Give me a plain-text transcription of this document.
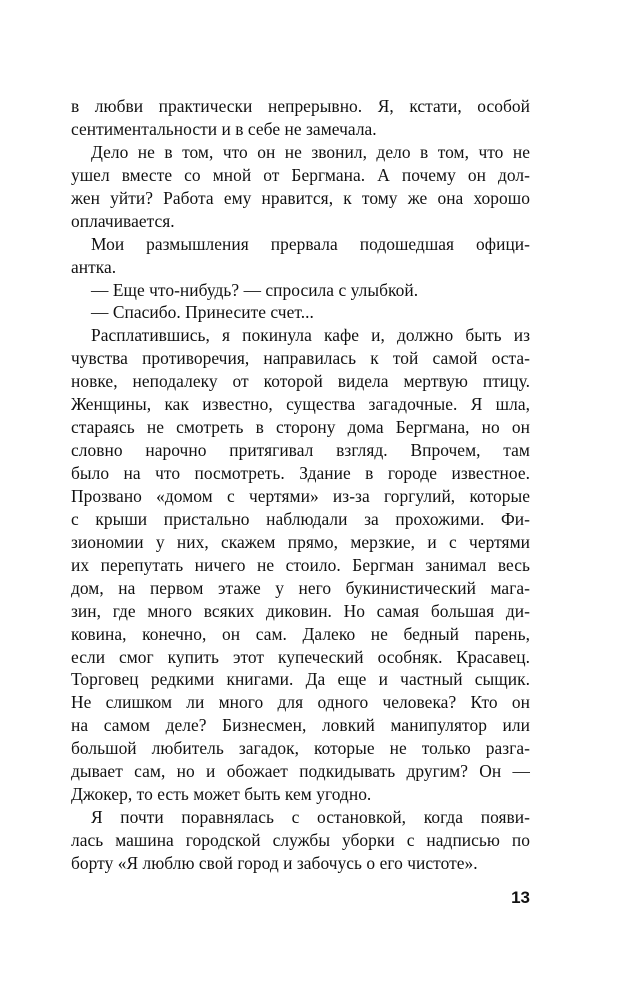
в любви практически непрерывно. Я, кстати, особой
сентиментальности и в себе не замечала.
Дело не в том, что он не звонил, дело в том, что не
ушел вместе со мной от Бергмана. А почему он дол-
жен уйти? Работа ему нравится, к тому же она хорошо
оплачивается.
Мои размышления прервала подошедшая офици-
антка.
— Еще что-нибудь? — спросила с улыбкой.
— Спасибо. Принесите счет...
Расплатившись, я покинула кафе и, должно быть из
чувства противоречия, направилась к той самой оста-
новке, неподалеку от которой видела мертвую птицу.
Женщины, как известно, существа загадочные. Я шла,
стараясь не смотреть в сторону дома Бергмана, но он
словно нарочно притягивал взгляд. Впрочем, там
было на что посмотреть. Здание в городе известное.
Прозвано «домом с чертями» из-за горгулий, которые
с крыши пристально наблюдали за прохожими. Фи-
зиономии у них, скажем прямо, мерзкие, и с чертями
их перепутать ничего не стоило. Бергман занимал весь
дом, на первом этаже у него букинистический мага-
зин, где много всяких диковин. Но самая большая ди-
ковина, конечно, он сам. Далеко не бедный парень,
если смог купить этот купеческий особняк. Красавец.
Торговец редкими книгами. Да еще и частный сыщик.
Не слишком ли много для одного человека? Кто он
на самом деле? Бизнесмен, ловкий манипулятор или
большой любитель загадок, которые не только разга-
дывает сам, но и обожает подкидывать другим? Он —
Джокер, то есть может быть кем угодно.
Я почти поравнялась с остановкой, когда появи-
лась машина городской службы уборки с надписью по
борту «Я люблю свой город и забочусь о его чистоте».
13
